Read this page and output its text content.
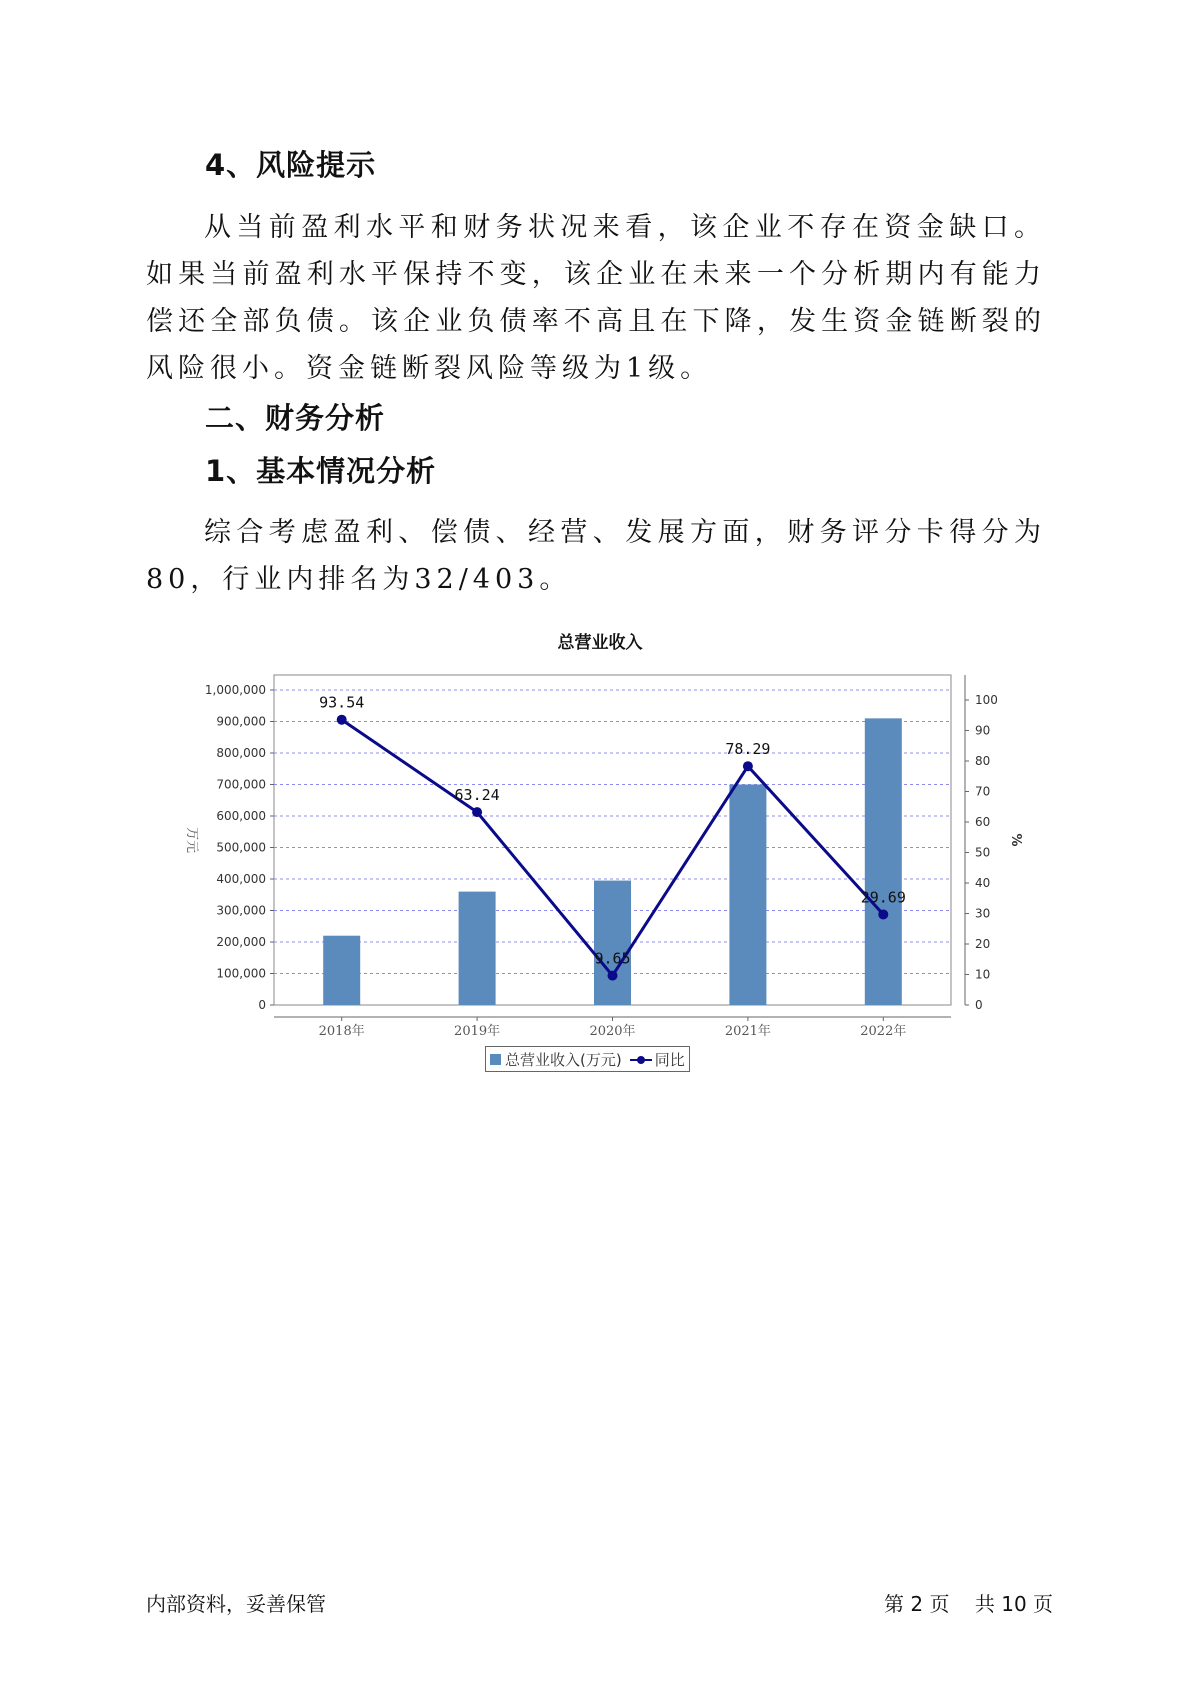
4、风险提示

从当前盈利水平和财务状况来看，该企业不存在资金缺口。如果当前盈利水平保持不变，该企业在未来一个分析期内有能力偿还全部负债。该企业负债率不高且在下降，发生资金链断裂的风险很小。资金链断裂风险等级为1级。

二、财务分析
1、基本情况分析

综合考虑盈利、偿债、经营、发展方面，财务评分卡得分为80，行业内排名为32/403。

总营业收入
0
100,000
200,000
300,000
400,000
500,000
600,000
700,000
800,000
900,000
1,000,000
0
10
20
30
40
50
60
70
80
90
100
2018年	2019年	2020年	2021年	2022年
万元	%
93.54
63.24
9.65
78.29
29.69
总营业收入(万元) 同比
内部资料，妥善保管	第 2 页    共 10 页
